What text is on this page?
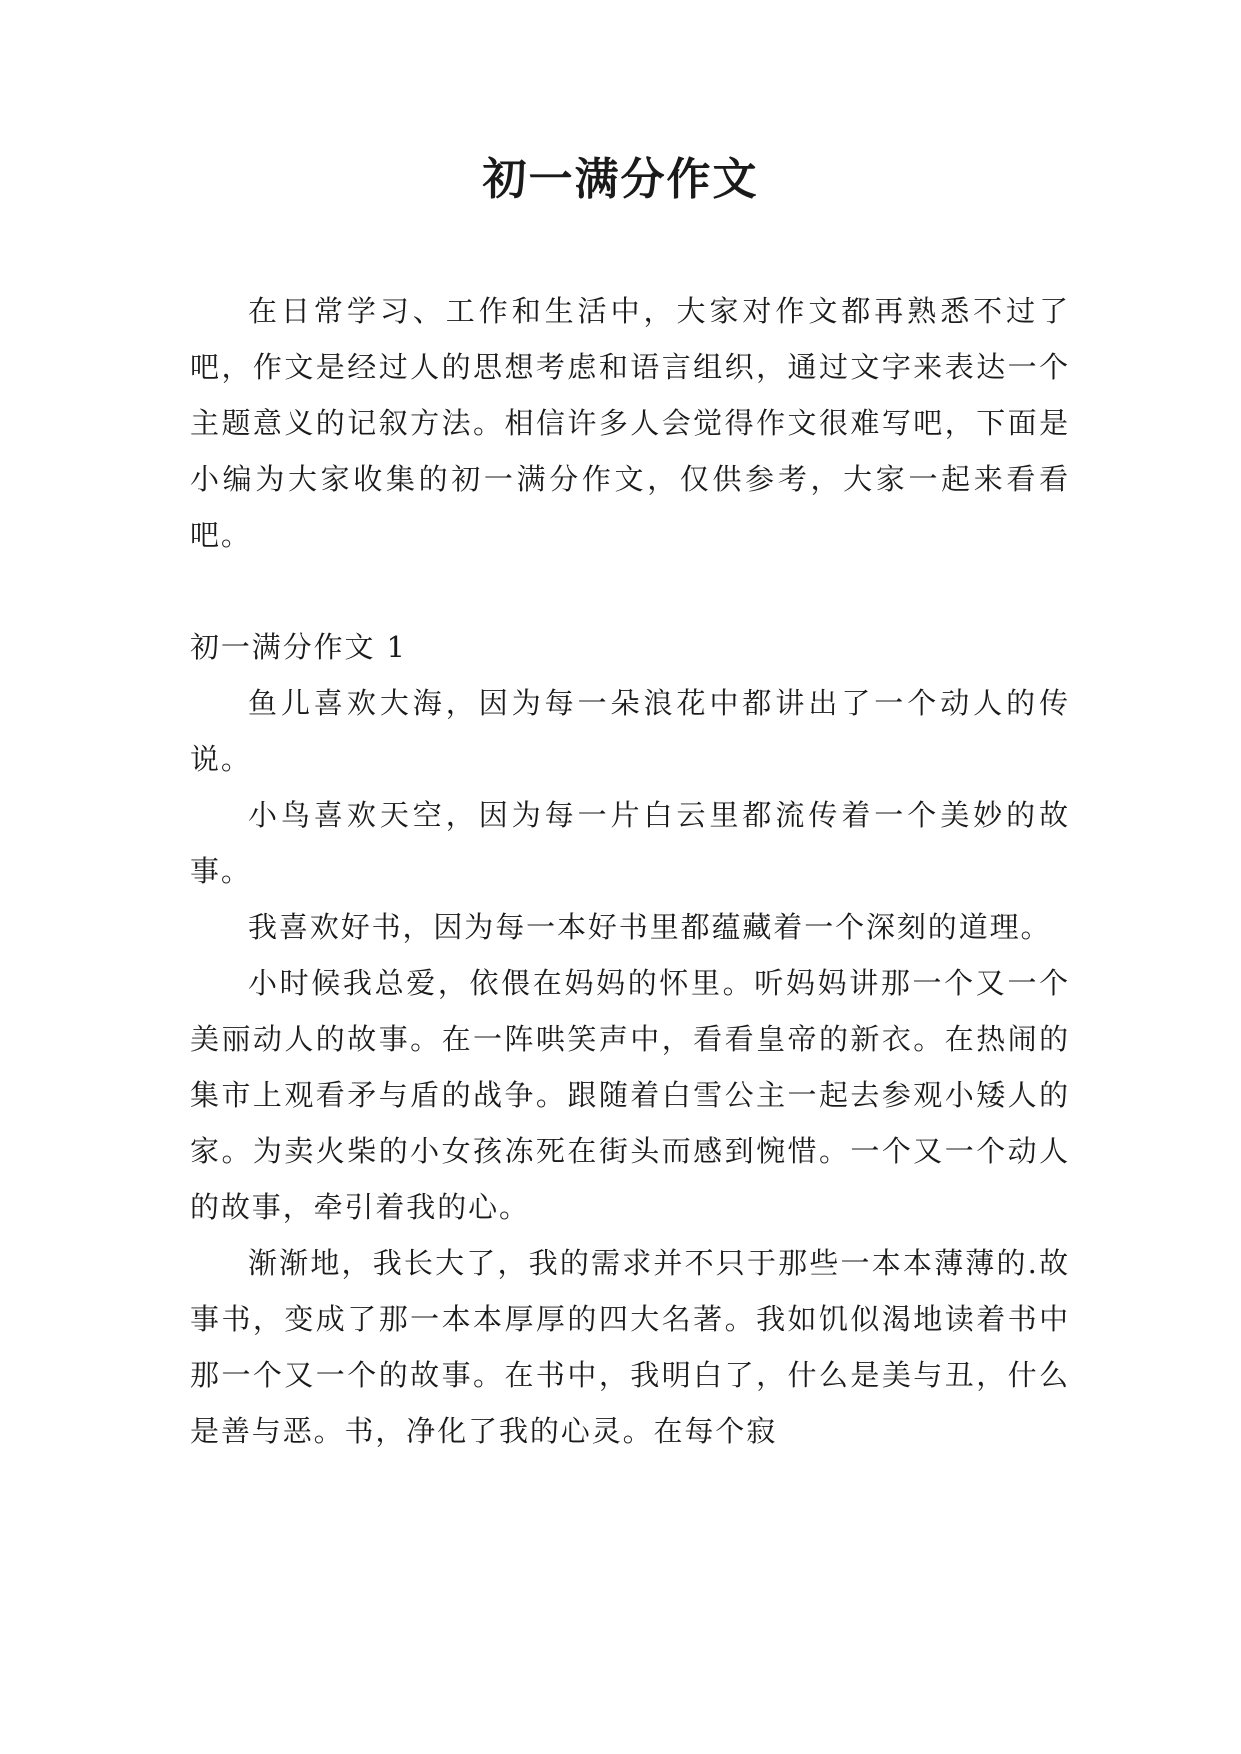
初一满分作文

在日常学习、工作和生活中，大家对作文都再熟悉不过了吧，作文是经过人的思想考虑和语言组织，通过文字来表达一个主题意义的记叙方法。相信许多人会觉得作文很难写吧，下面是小编为大家收集的初一满分作文，仅供参考，大家一起来看看吧。

初一满分作文 1

鱼儿喜欢大海，因为每一朵浪花中都讲出了一个动人的传说。

小鸟喜欢天空，因为每一片白云里都流传着一个美妙的故事。

我喜欢好书，因为每一本好书里都蕴藏着一个深刻的道理。

小时候我总爱，依偎在妈妈的怀里。听妈妈讲那一个又一个美丽动人的故事。在一阵哄笑声中，看看皇帝的新衣。在热闹的集市上观看矛与盾的战争。跟随着白雪公主一起去参观小矮人的家。为卖火柴的小女孩冻死在街头而感到惋惜。一个又一个动人的故事，牵引着我的心。

渐渐地，我长大了，我的需求并不只于那些一本本薄薄的.故事书，变成了那一本本厚厚的四大名著。我如饥似渴地读着书中那一个又一个的故事。在书中，我明白了，什么是美与丑，什么是善与恶。书，净化了我的心灵。在每个寂
